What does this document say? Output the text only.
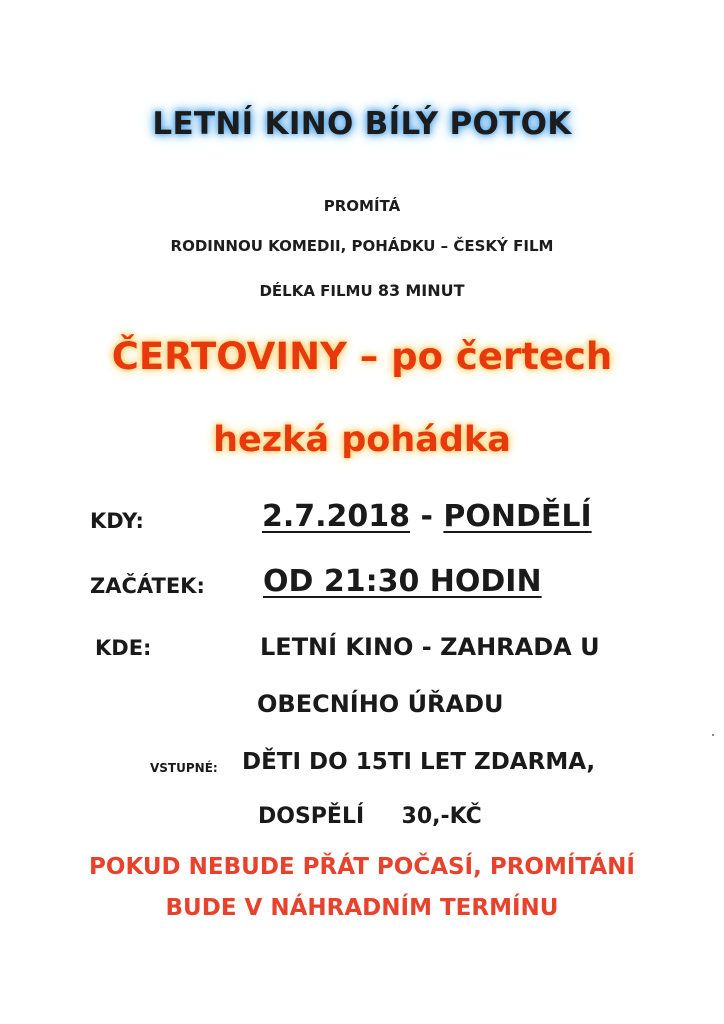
LETNÍ KINO BÍLÝ POTOK
PROMÍTÁ
RODINNOU KOMEDII, POHÁDKU – ČESKÝ FILM
DÉLKA FILMU 83 MINUT
ČERTOVINY – po čertech
hezká pohádka
KDY:	2.7.2018 - PONDĚLÍ
ZAČÁTEK: OD 21:30 HODIN
KDE:	LETNÍ KINO - ZAHRADA U
OBECNÍHO ÚŘADU
VSTUPNÉ: DĚTI DO 15TI LET ZDARMA,
DOSPĚLÍ 30,-KČ
POKUD NEBUDE PŘÁT POČASÍ, PROMÍTÁNÍ
BUDE V NÁHRADNÍM TERMÍNU
